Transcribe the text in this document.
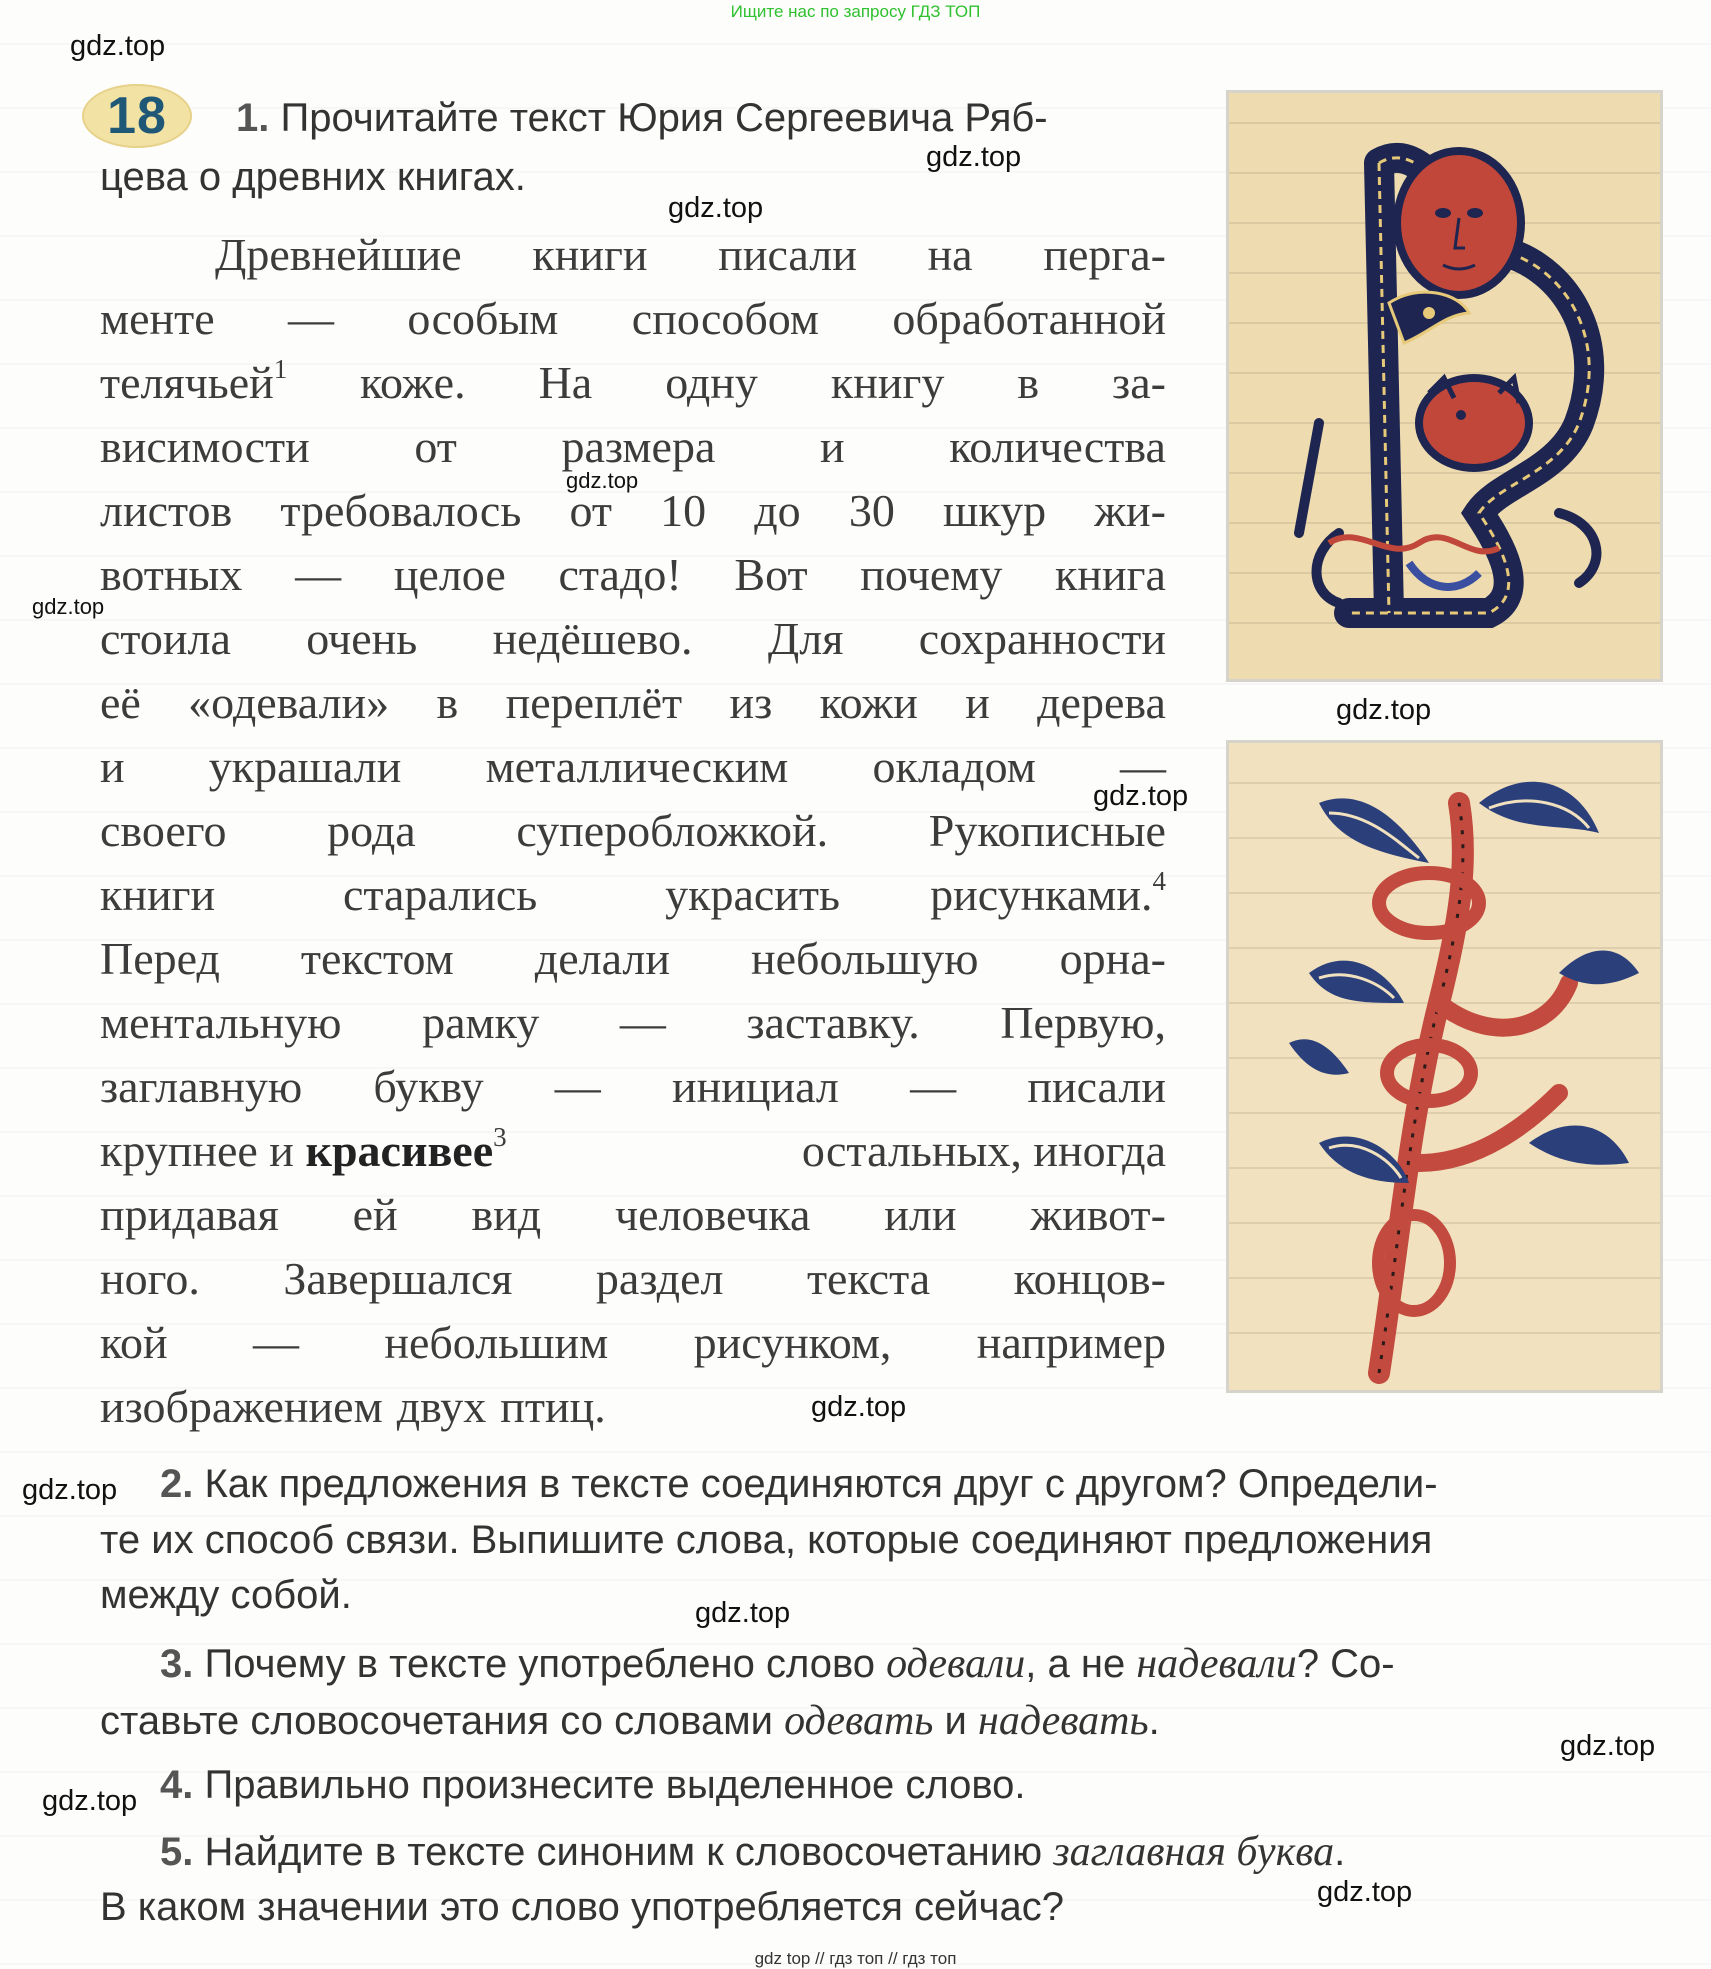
Ищите нас по запросу ГДЗ ТОП
gdz.top
gdz.top
gdz.top
gdz.top
gdz.top
gdz.top
gdz.top
gdz.top
gdz.top
gdz.top
gdz.top
gdz.top
gdz.top
18 1. Прочитайте текст Юрия Сергеевича Ряб-
цева о древних книгах.
Древнейшие	книги	писали	на	перга-
менте — особым способом обработанной
телячьей$^1$ кожe. На одну книгу в за-
висимости от размера и количества
листов требовалось от 10 до 30 шкур жи-
вотных — целое стадо! Вот почему книга
стоила очень недёшево. Для сохранности
её «одевали» в переплёт из кожи и дерева
и украшали металлическим окладом —
своего рода суперобложкой. Рукописные
книги	старались	украсить рисунками.$^4$
Перед текстом делали небольшую орна-
ментальную рамку — заставку. Первую,
заглавную букву — инициал — писали
крупнее и красивее$^3$	остальных, иногда
придавая ей вид человечка или живот-
ного. Завершался раздел текста концов-
кой — небольшим рисунком, например
изображением двух птиц.
2. Как предложения в тексте соединяются друг с другом? Определи-
те их способ связи. Выпишите слова, которые соединяют предложения
между собой.
3. Почему в тексте употреблено слово одевали, а не надевали? Со-
ставьте словосочетания со словами одевать и надевать.
4. Правильно произнесите выделенное слово.
5. Найдите в тексте синоним к словосочетанию заглавная буква.
В каком значении это слово употребляется сейчас?
gdz top // гдз топ // гдз топ
